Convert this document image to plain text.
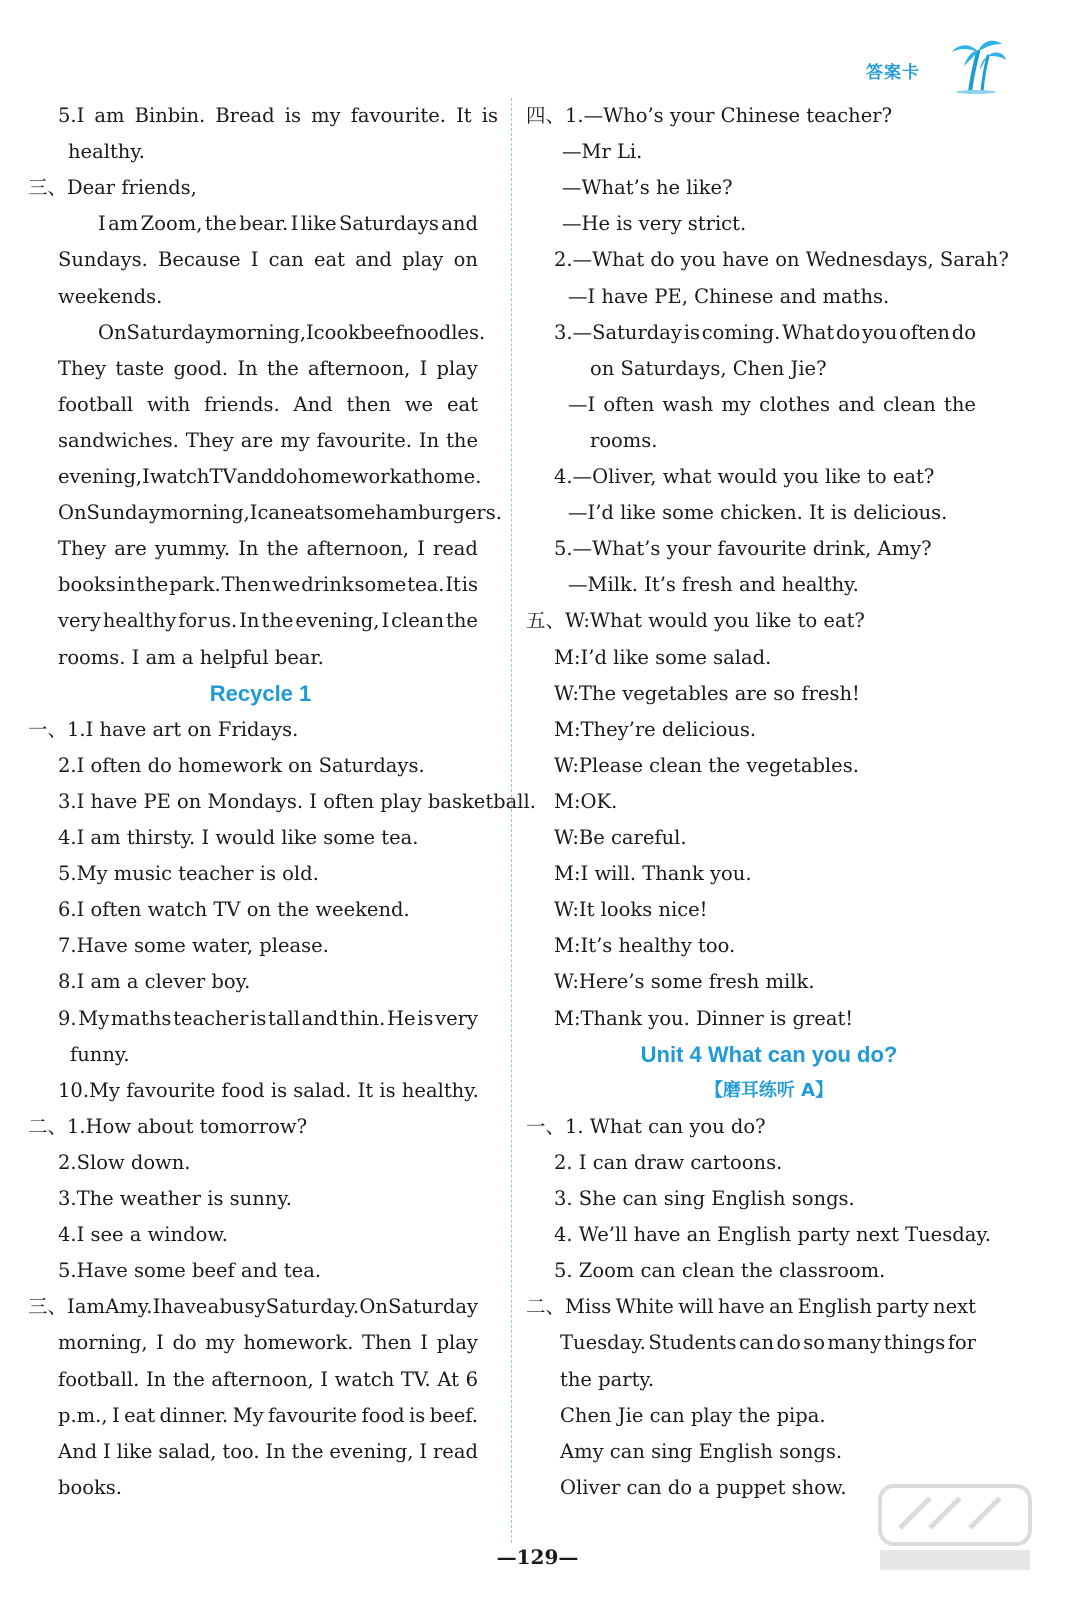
答案卡
5.I am Binbin. Bread is my favourite. It is
healthy.
三、Dear friends,
I am Zoom, the bear. I like Saturdays and
Sundays. Because I can eat and play on
weekends.
On Saturday morning, I cook beef noodles.
They taste good. In the afternoon, I play
football with friends. And then we eat
sandwiches. They are my favourite. In the
evening, I watch TV and do homework at home.
On Sunday morning, I can eat some hamburgers.
They are yummy. In the afternoon, I read
books in the park. Then we drink some tea. It is
very healthy for us. In the evening, I clean the
rooms. I am a helpful bear.
Recycle 1
一、1.I have art on Fridays.
2.I often do homework on Saturdays.
3.I have PE on Mondays. I often play basketball.
4.I am thirsty. I would like some tea.
5.My music teacher is old.
6.I often watch TV on the weekend.
7.Have some water, please.
8.I am a clever boy.
9. My maths teacher is tall and thin. He is very
funny.
10.My favourite food is salad. It is healthy.
二、1.How about tomorrow?
2.Slow down.
3.The weather is sunny.
4.I see a window.
5.Have some beef and tea.
三、I am Amy. I have a busy Saturday. On Saturday
morning, I do my homework. Then I play
football. In the afternoon, I watch TV. At 6
p.m., I eat dinner. My favourite food is beef.
And I like salad, too. In the evening, I read
books.
四、1.—Who’s your Chinese teacher?
—Mr Li.
—What’s he like?
—He is very strict.
2.—What do you have on Wednesdays, Sarah?
—I have PE, Chinese and maths.
3.—Saturday is coming. What do you often do
on Saturdays, Chen Jie?
—I often wash my clothes and clean the
rooms.
4.—Oliver, what would you like to eat?
—I’d like some chicken. It is delicious.
5.—What’s your favourite drink, Amy?
—Milk. It’s fresh and healthy.
五、W:What would you like to eat?
M:I’d like some salad.
W:The vegetables are so fresh!
M:They’re delicious.
W:Please clean the vegetables.
M:OK.
W:Be careful.
M:I will. Thank you.
W:It looks nice!
M:It’s healthy too.
W:Here’s some fresh milk.
M:Thank you. Dinner is great!
Unit 4 What can you do?
【磨耳练听 A】
一、1. What can you do?
2. I can draw cartoons.
3. She can sing English songs.
4. We’ll have an English party next Tuesday.
5. Zoom can clean the classroom.
二、Miss White will have an English party next
Tuesday. Students can do so many things for
the party.
Chen Jie can play the pipa.
Amy can sing English songs.
Oliver can do a puppet show.
—129—
